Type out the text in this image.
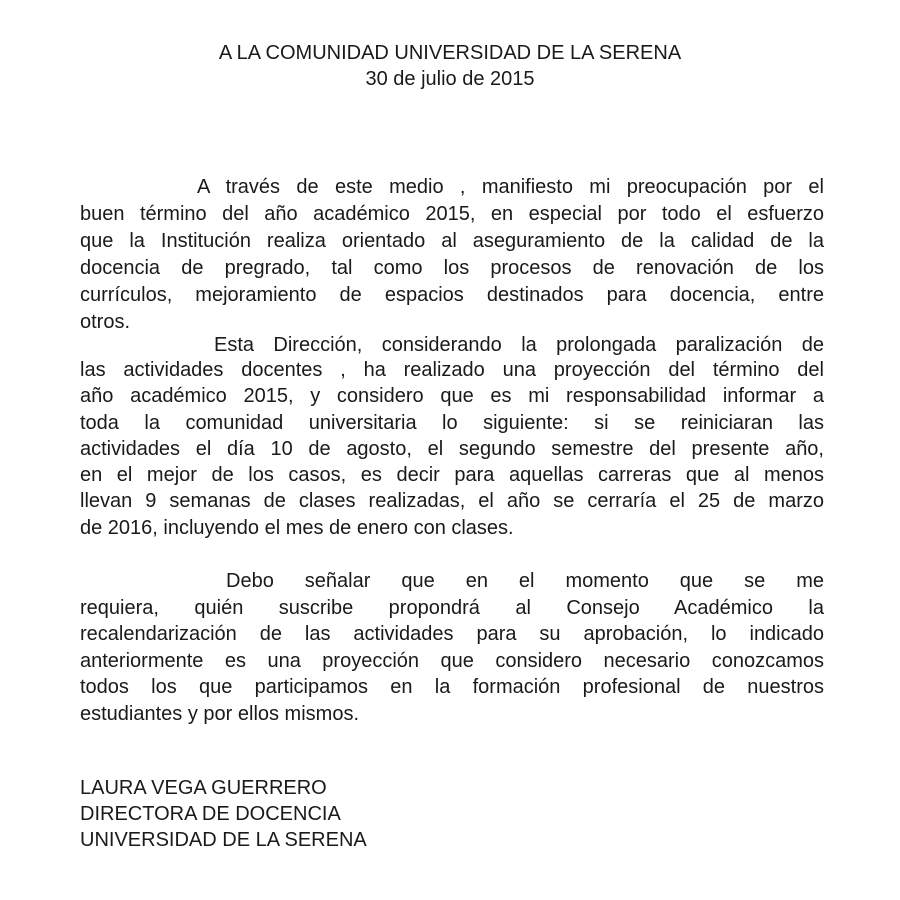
A LA COMUNIDAD UNIVERSIDAD DE LA SERENA
30 de julio de 2015
A través de este medio , manifiesto mi preocupación por el
buen término del año académico 2015, en especial por todo el esfuerzo
que la Institución realiza orientado al aseguramiento de la calidad de la
docencia de pregrado, tal como los procesos de renovación de los
currículos, mejoramiento de espacios destinados para docencia, entre
otros.
Esta Dirección, considerando la prolongada paralización de
las actividades docentes , ha realizado una proyección del término del
año académico 2015, y considero que es mi responsabilidad informar a
toda la comunidad universitaria lo siguiente: si se reiniciaran las
actividades el día 10 de agosto, el segundo semestre del presente año,
en el mejor de los casos, es decir para aquellas carreras que al menos
llevan 9 semanas de clases realizadas, el año se cerraría el 25 de marzo
de 2016, incluyendo el mes de enero con clases.
Debo señalar que en el momento que se me
requiera, quién suscribe propondrá al Consejo Académico la
recalendarización de las actividades para su aprobación, lo indicado
anteriormente es una proyección que considero necesario conozcamos
todos los que participamos en la formación profesional de nuestros
estudiantes y por ellos mismos.
LAURA VEGA GUERRERO
DIRECTORA DE DOCENCIA
UNIVERSIDAD DE LA SERENA
